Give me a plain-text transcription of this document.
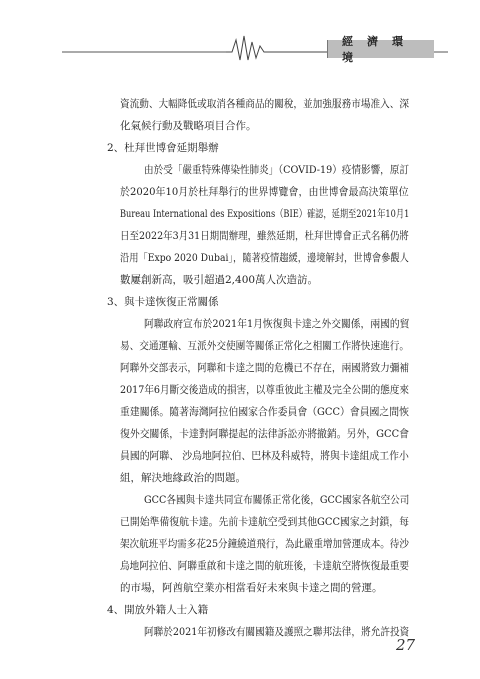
經濟環境
資流動、大幅降低或取消各種商品的關稅，並加強服務市場准入、深
化氣候行動及戰略項目合作。
2、杜拜世博會延期舉辦
由於受「嚴重特殊傳染性肺炎」（COVID-19）疫情影響，原訂
於2020年10月於杜拜舉行的世界博覽會，由世博會最高決策單位
Bureau International des Expositions（BIE）確認，延期至2021年10月1
日至2022年3月31日期間辦理，雖然延期，杜拜世博會正式名稱仍將
沿用「Expo 2020 Dubai」，隨著疫情趨緩，邊境解封，世博會參觀人
數屢創新高，吸引超過2,400萬人次造訪。
3、與卡達恢復正常關係
阿聯政府宣布於2021年1月恢復與卡達之外交關係，兩國的貿
易、交通運輸、互派外交使團等關係正常化之相關工作將快速進行。
阿聯外交部表示，阿聯和卡達之間的危機已不存在，兩國將致力彌補
2017年6月斷交後造成的損害，以尊重彼此主權及完全公開的態度來
重建關係。隨著海灣阿拉伯國家合作委員會（GCC）會員國之間恢
復外交關係，卡達對阿聯提起的法律訴訟亦將撤銷。另外，GCC會
員國的阿聯、 沙烏地阿拉伯、巴林及科威特，將與卡達組成工作小
組，解決地緣政治的問題。
GCC各國與卡達共同宣布關係正常化後，GCC國家各航空公司
已開始準備復航卡達。先前卡達航空受到其他GCC國家之封鎖，每
架次航班平均需多花25分鐘繞道飛行，為此嚴重增加營運成本。待沙
烏地阿拉伯、阿聯重啟和卡達之間的航班後，卡達航空將恢復最重要
的市場，阿酋航空業亦相當看好未來與卡達之間的營運。
4、開放外籍人士入籍
阿聯於2021年初修改有關國籍及護照之聯邦法律，將允許投資
27
